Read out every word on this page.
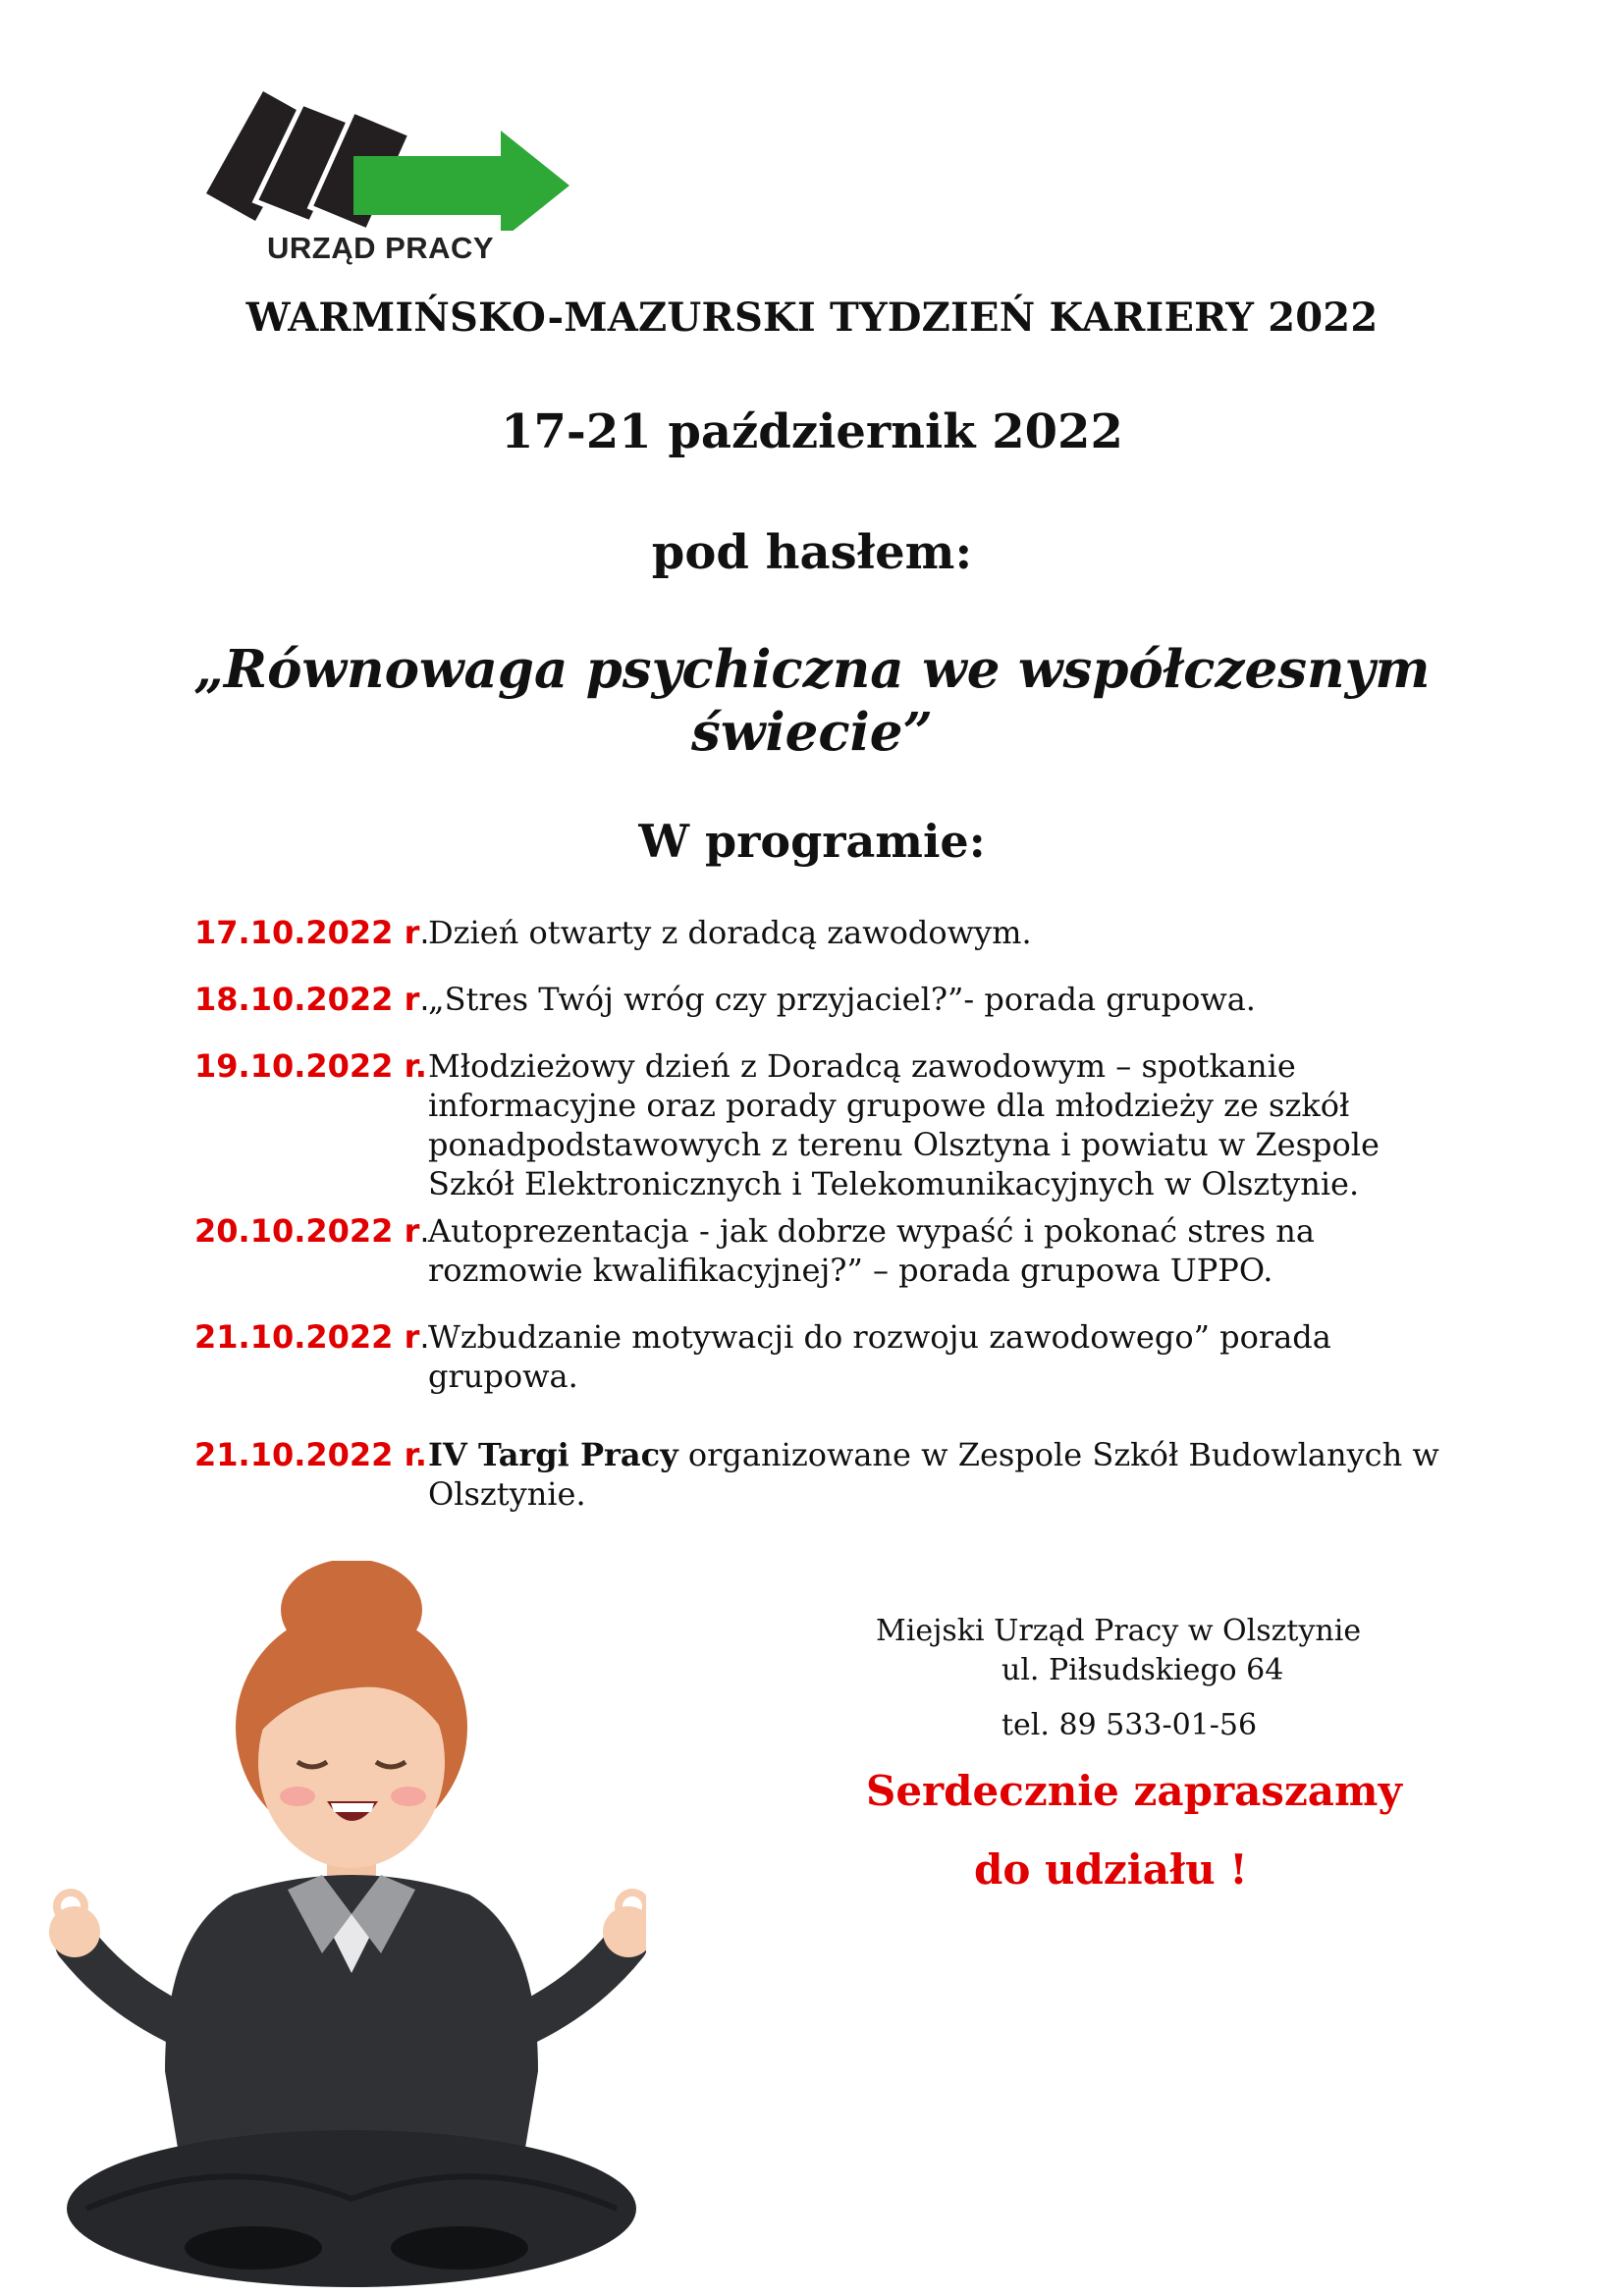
URZĄD PRACY
WARMIŃSKO-MAZURSKI TYDZIEŃ KARIERY 2022

17-21 październik 2022

pod hasłem:

„Równowaga psychiczna we współczesnym
świecie”

W programie:

17.10.2022 r.
Dzień otwarty z doradcą zawodowym.

18.10.2022 r.
„Stres Twój wróg czy przyjaciel?”- porada grupowa.

19.10.2022 r. Młodzieżowy dzień z Doradcą zawodowym – spotkanie informacyjne oraz porady grupowe dla młodzieży ze szkół ponadpodstawowych z terenu Olsztyna i powiatu w Zespole Szkół Elektronicznych i Telekomunikacyjnych w Olsztynie.

20.10.2022 r.
Autoprezentacja - jak dobrze wypaść i pokonać stres na rozmowie kwalifikacyjnej?” – porada grupowa UPPO.

21.10.2022 r.
Wzbudzanie motywacji do rozwoju zawodowego” porada grupowa.

21.10.2022 r. IV Targi Pracy organizowane w Zespole Szkół Budowlanych w Olsztynie.

Miejski Urząd Pracy w Olsztynie
ul. Piłsudskiego 64
tel. 89 533-01-56
Serdecznie zapraszamy
do udziału !
